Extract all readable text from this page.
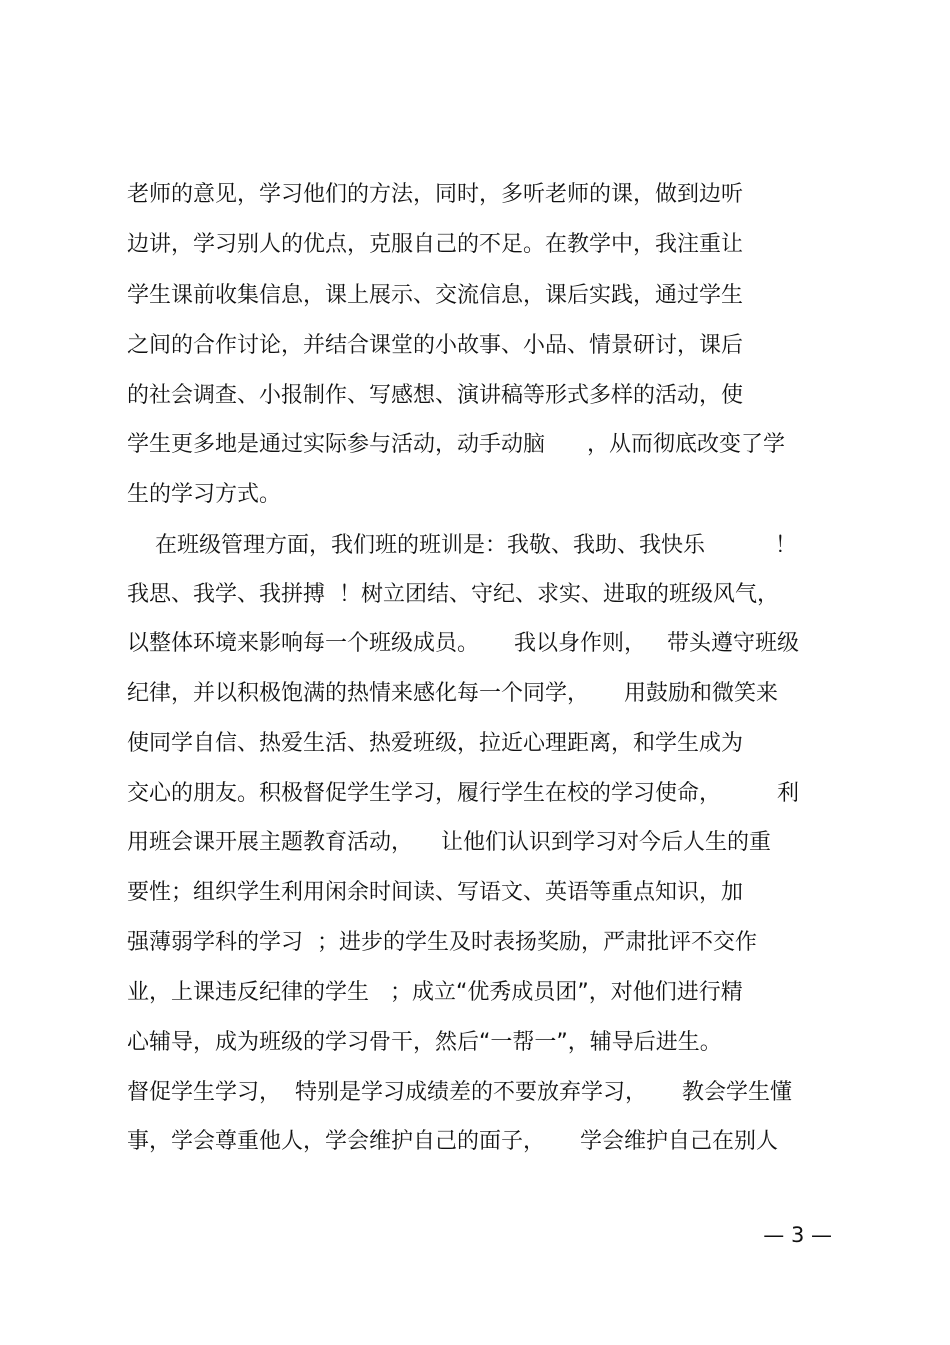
老师的意见，学习他们的方法，同时，多听老师的课，做到边听
边讲，学习别人的优点，克服自己的不足。在教学中，我注重让
学生课前收集信息，课上展示、交流信息，课后实践，通过学生
之间的合作讨论，并结合课堂的小故事、小品、情景研讨，课后
的社会调查、小报制作、写感想、演讲稿等形式多样的活动，使
学生更多地是通过实际参与活动，动手动脑      ，从而彻底改变了学
生的学习方式。
在班级管理方面，我们班的班训是：我敬、我助、我快乐          ！
我思、我学、我拼搏  ！树立团结、守纪、求实、进取的班级风气，
以整体环境来影响每一个班级成员。     我以身作则，   带头遵守班级
纪律，并以积极饱满的热情来感化每一个同学，     用鼓励和微笑来
使同学自信、热爱生活、热爱班级，拉近心理距离，和学生成为
交心的朋友。积极督促学生学习，履行学生在校的学习使命，        利
用班会课开展主题教育活动，    让他们认识到学习对今后人生的重
要性；组织学生利用闲余时间读、写语文、英语等重点知识，加
强薄弱学科的学习  ；进步的学生及时表扬奖励，严肃批评不交作
业，上课违反纪律的学生   ；成立“优秀成员团”，对他们进行精
心辅导，成为班级的学习骨干，然后“一帮一”，辅导后进生。
督促学生学习，  特别是学习成绩差的不要放弃学习，     教会学生懂
事，学会尊重他人，学会维护自己的面子，     学会维护自己在别人
— 3 —
